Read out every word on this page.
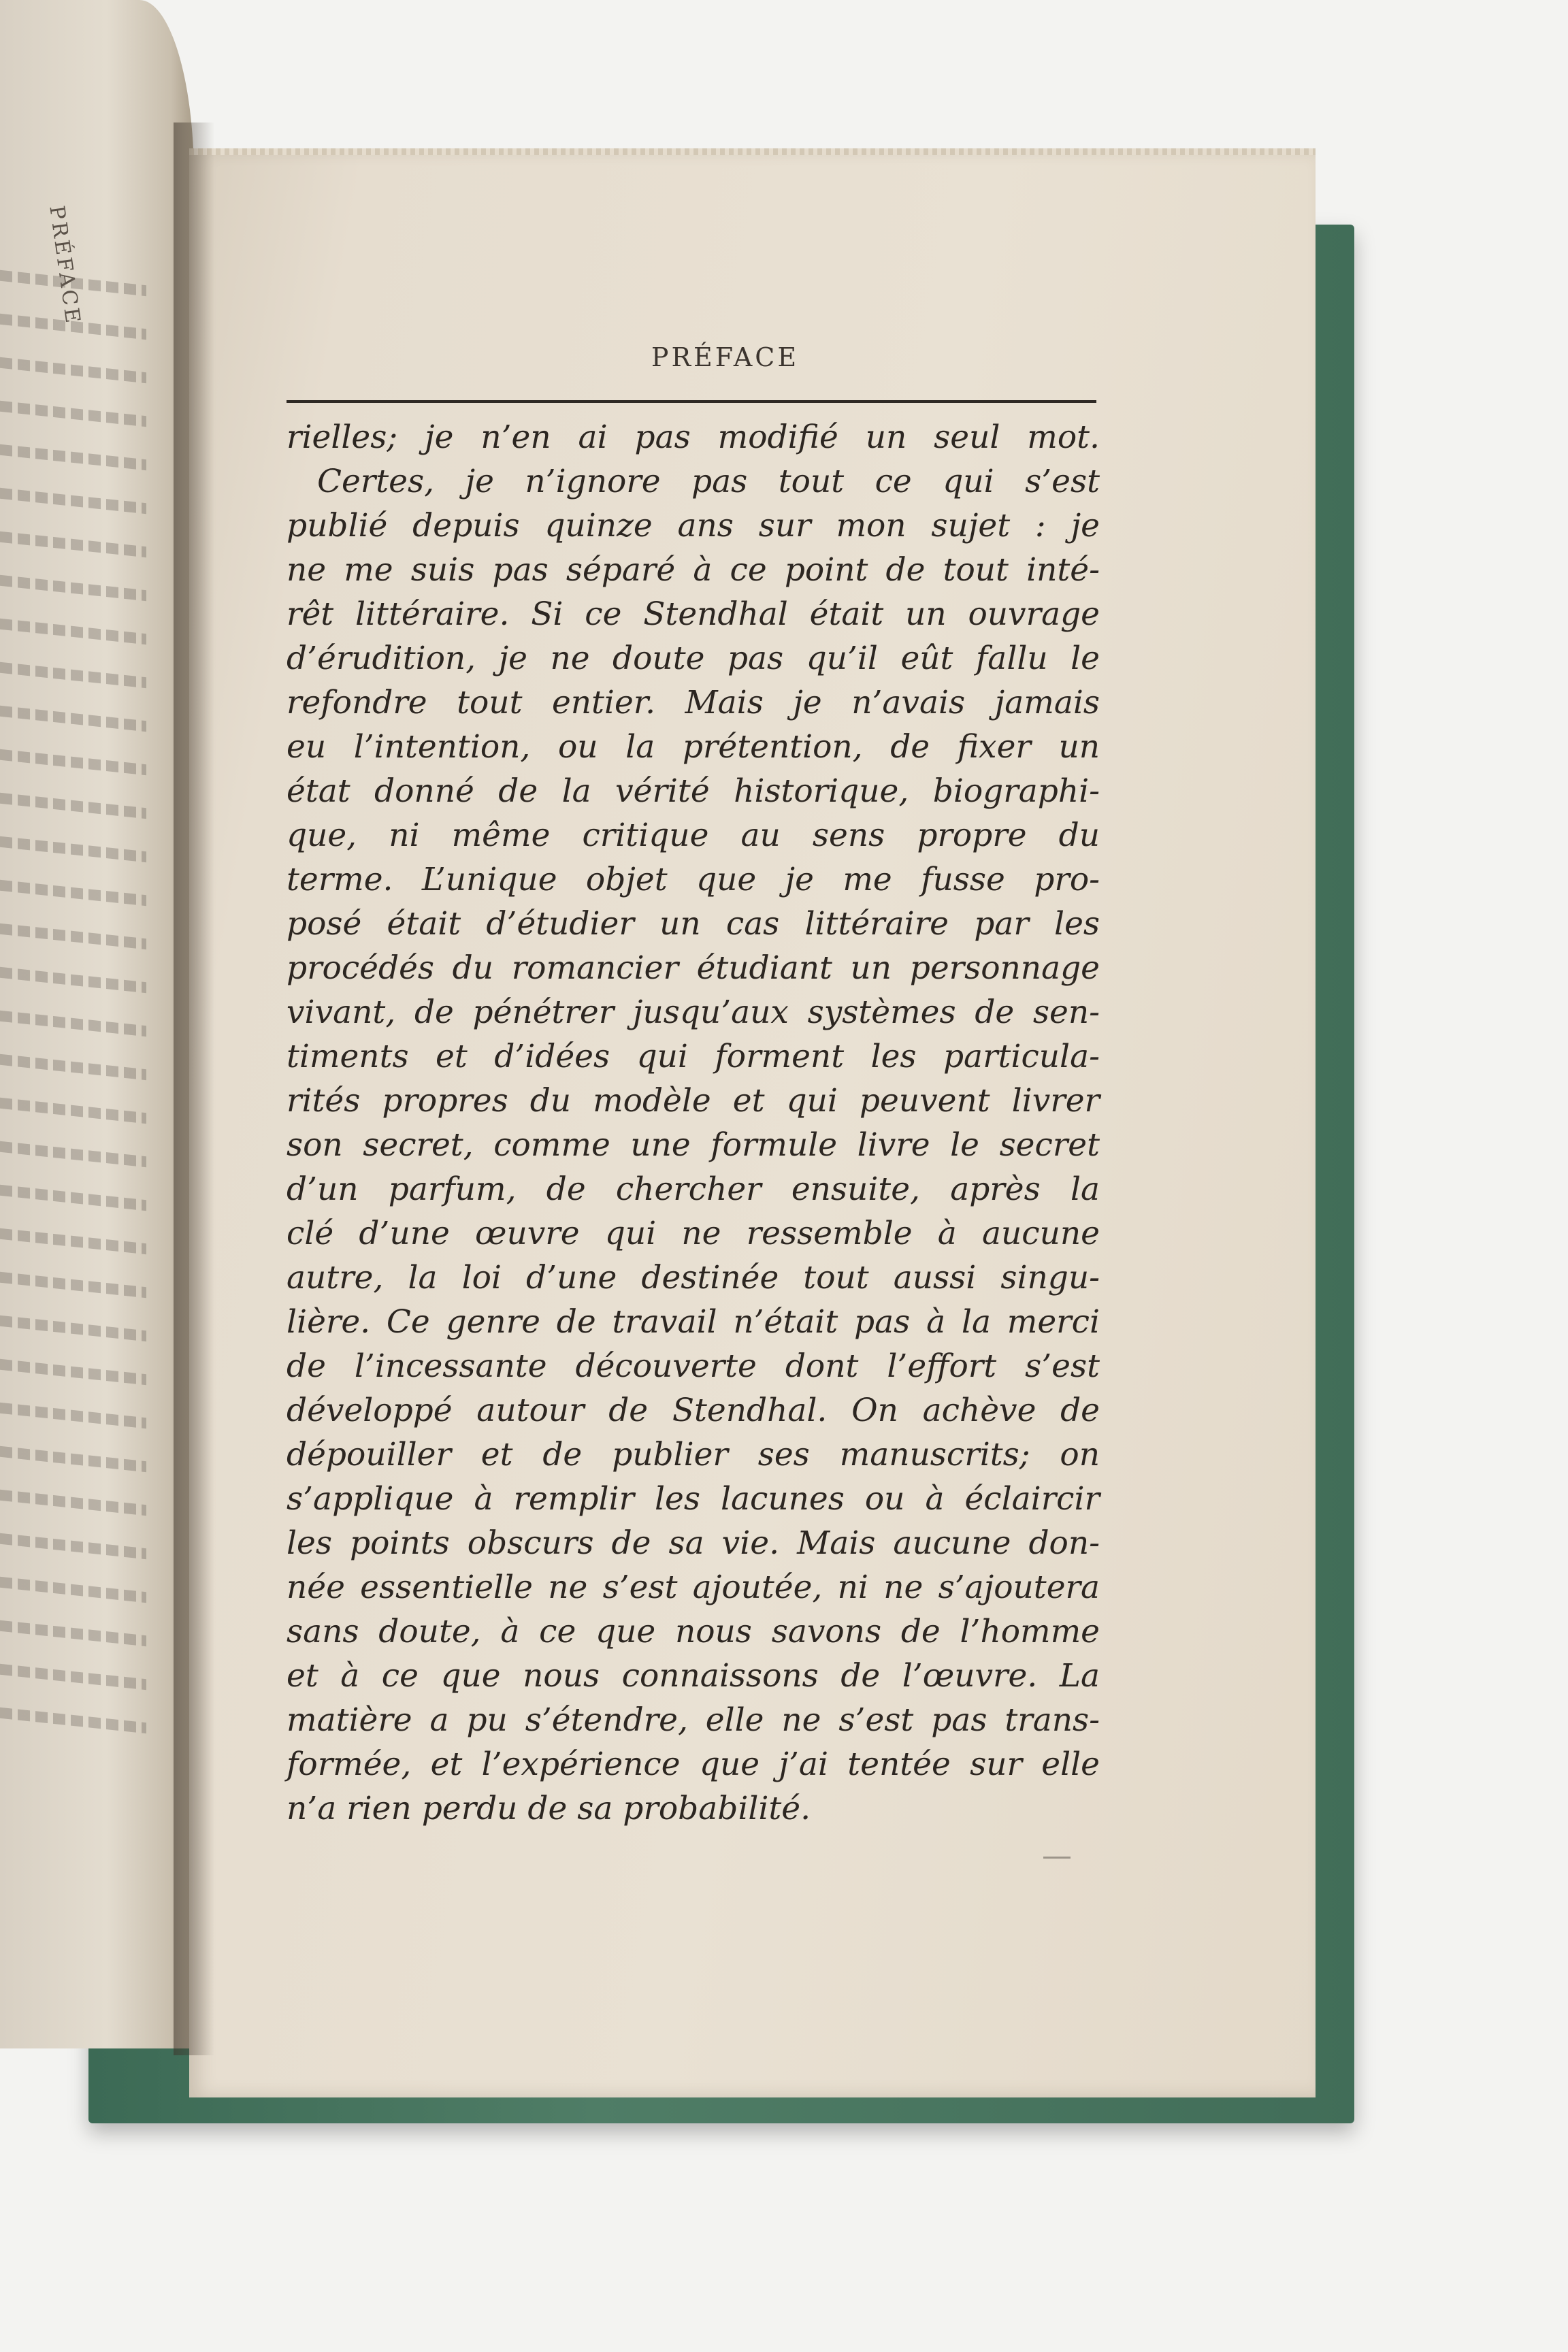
PRÉFACE
PRÉFACE
rielles; je n’en ai pas modifié un seul mot.
Certes, je n’ignore pas tout ce qui s’est
publié depuis quinze ans sur mon sujet : je
ne me suis pas séparé à ce point de tout inté-
rêt littéraire. Si ce Stendhal était un ouvrage
d’érudition, je ne doute pas qu’il eût fallu le
refondre tout entier. Mais je n’avais jamais
eu l’intention, ou la prétention, de fixer un
état donné de la vérité historique, biographi-
que, ni même critique au sens propre du
terme. L’unique objet que je me fusse pro-
posé était d’étudier un cas littéraire par les
procédés du romancier étudiant un personnage
vivant, de pénétrer jusqu’aux systèmes de sen-
timents et d’idées qui forment les particula-
rités propres du modèle et qui peuvent livrer
son secret, comme une formule livre le secret
d’un parfum, de chercher ensuite, après la
clé d’une œuvre qui ne ressemble à aucune
autre, la loi d’une destinée tout aussi singu-
lière. Ce genre de travail n’était pas à la merci
de l’incessante découverte dont l’effort s’est
développé autour de Stendhal. On achève de
dépouiller et de publier ses manuscrits; on
s’applique à remplir les lacunes ou à éclaircir
les points obscurs de sa vie. Mais aucune don-
née essentielle ne s’est ajoutée, ni ne s’ajoutera
sans doute, à ce que nous savons de l’homme
et à ce que nous connaissons de l’œuvre. La
matière a pu s’étendre, elle ne s’est pas trans-
formée, et l’expérience que j’ai tentée sur elle
n’a rien perdu de sa probabilité.
